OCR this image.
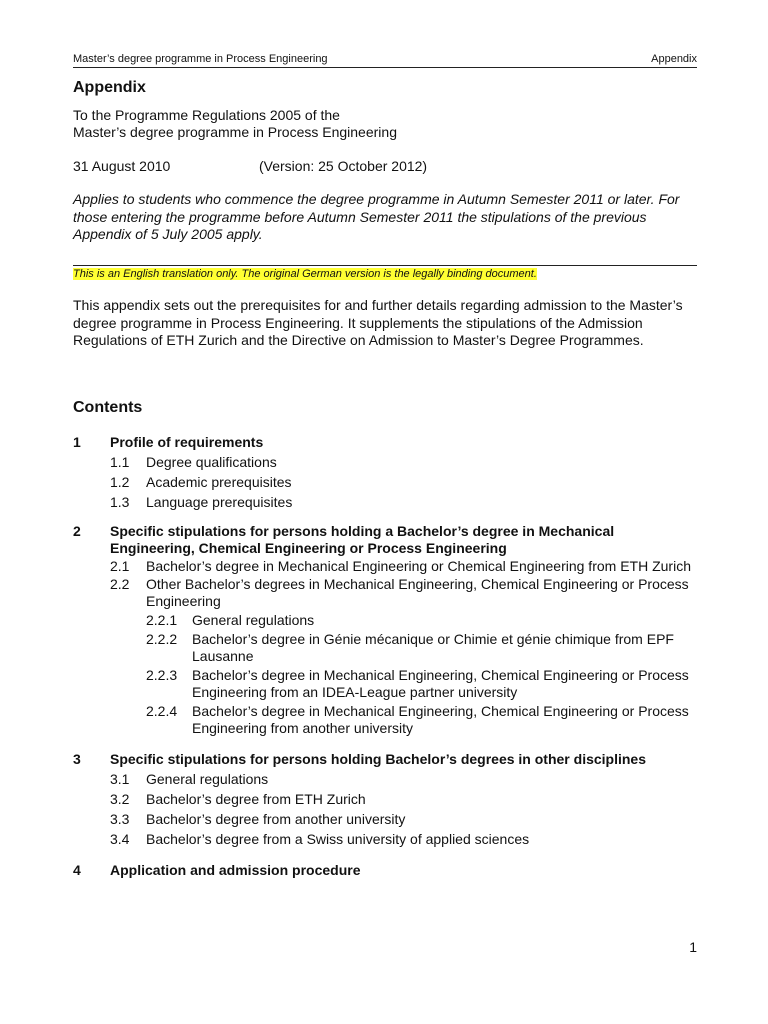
Master’s degree programme in Process Engineering	Appendix
Appendix
To the Programme Regulations 2005 of the
Master’s degree programme in Process Engineering
31 August 2010	(Version: 25 October 2012)
Applies to students who commence the degree programme in Autumn Semester 2011 or later. For those entering the programme before Autumn Semester 2011 the stipulations of the previous Appendix of 5 July 2005 apply.
This is an English translation only. The original German version is the legally binding document.
This appendix sets out the prerequisites for and further details regarding admission to the Master’s degree programme in Process Engineering. It supplements the stipulations of the Admission Regulations of ETH Zurich and the Directive on Admission to Master’s Degree Programmes.
Contents
1 Profile of requirements
1.1 Degree qualifications
1.2 Academic prerequisites
1.3 Language prerequisites
2 Specific stipulations for persons holding a Bachelor’s degree in Mechanical Engineering, Chemical Engineering or Process Engineering
2.1 Bachelor’s degree in Mechanical Engineering or Chemical Engineering from ETH Zurich
2.2 Other Bachelor’s degrees in Mechanical Engineering, Chemical Engineering or Process Engineering
2.2.1 General regulations
2.2.2 Bachelor’s degree in Génie mécanique or Chimie et génie chimique from EPF Lausanne
2.2.3 Bachelor’s degree in Mechanical Engineering, Chemical Engineering or Process Engineering from an IDEA-League partner university
2.2.4 Bachelor’s degree in Mechanical Engineering, Chemical Engineering or Process Engineering from another university
3 Specific stipulations for persons holding Bachelor’s degrees in other disciplines
3.1 General regulations
3.2 Bachelor’s degree from ETH Zurich
3.3 Bachelor’s degree from another university
3.4 Bachelor’s degree from a Swiss university of applied sciences
4 Application and admission procedure
1
